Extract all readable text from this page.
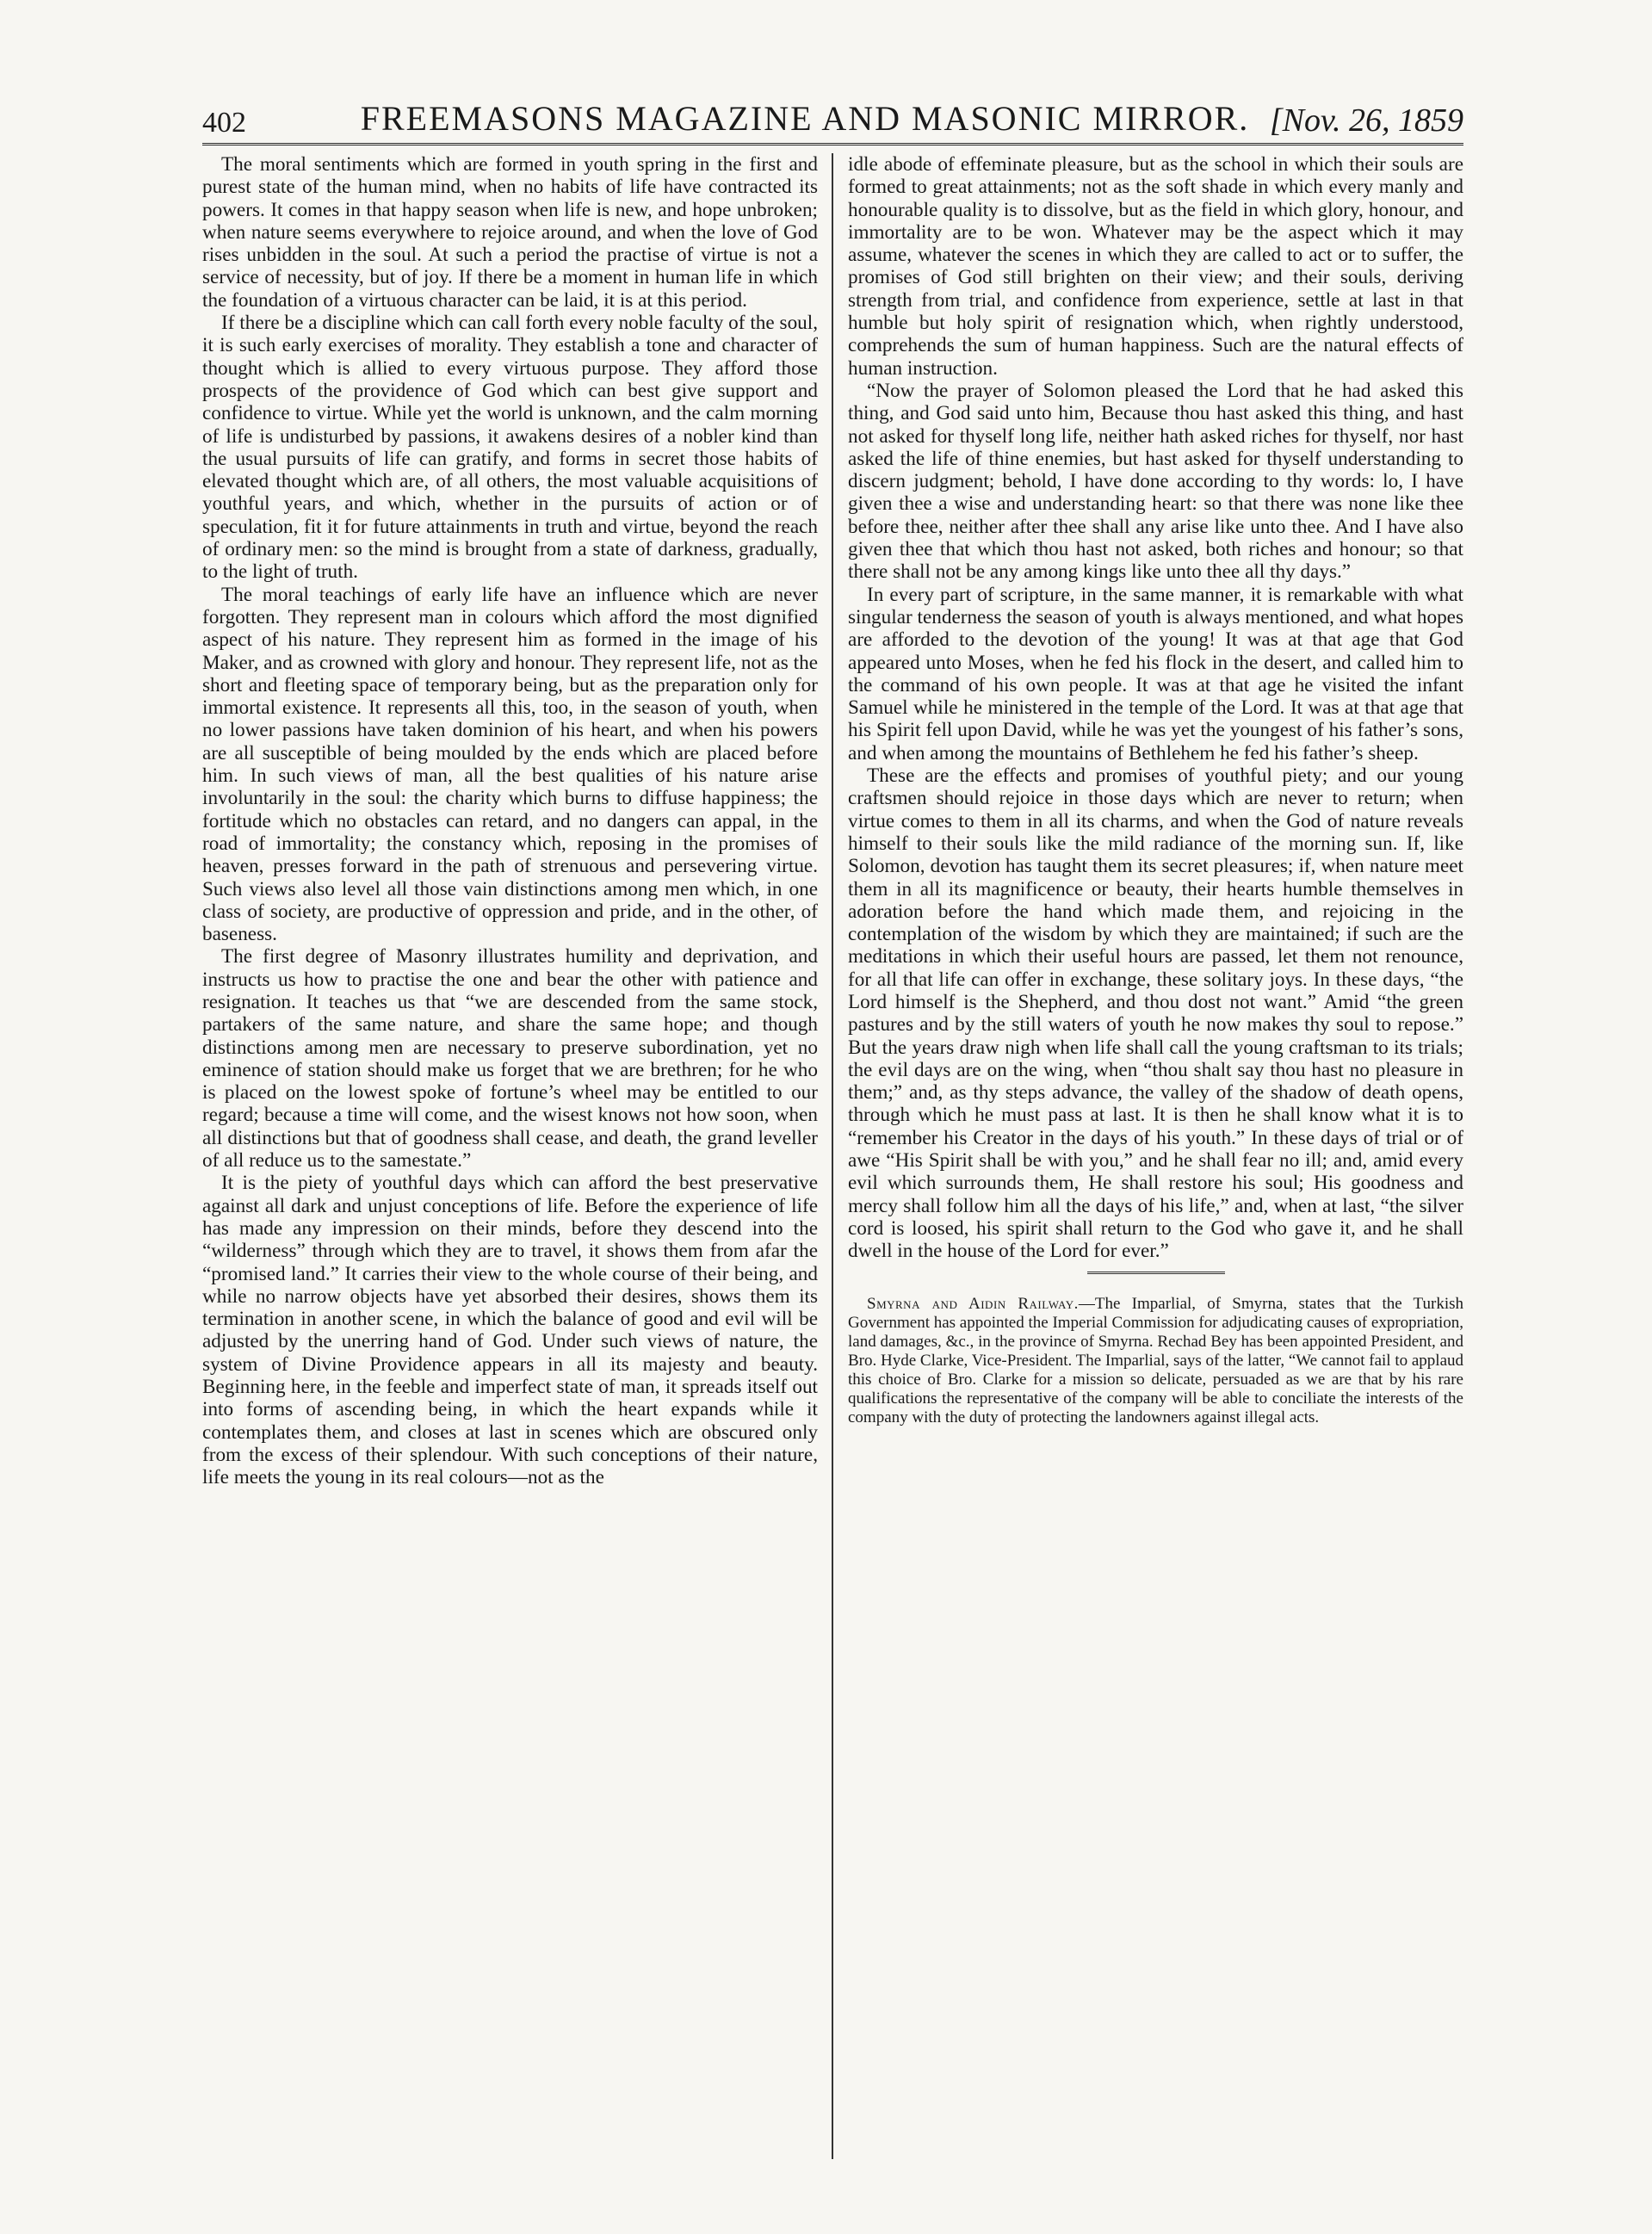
402	FREEMASONS MAGAZINE AND MASONIC MIRROR. [Nov. 26, 1859

The moral sentiments which are formed in youth spring in the first and purest state of the human mind, when no habits of life have contracted its powers. It comes in that happy season when life is new, and hope unbroken; when nature seems everywhere to rejoice around, and when the love of God rises unbidden in the soul. At such a period the practise of virtue is not a service of necessity, but of joy. If there be a moment in human life in which the foundation of a virtuous character can be laid, it is at this period.

If there be a discipline which can call forth every noble faculty of the soul, it is such early exercises of morality. They establish a tone and character of thought which is allied to every virtuous purpose. They afford those prospects of the providence of God which can best give support and confidence to virtue. While yet the world is unknown, and the calm morning of life is undisturbed by passions, it awakens desires of a nobler kind than the usual pursuits of life can gratify, and forms in secret those habits of elevated thought which are, of all others, the most valuable acquisitions of youthful years, and which, whether in the pursuits of action or of speculation, fit it for future attainments in truth and virtue, beyond the reach of ordinary men: so the mind is brought from a state of darkness, gradually, to the light of truth.

The moral teachings of early life have an influence which are never forgotten. They represent man in colours which afford the most dignified aspect of his nature. They represent him as formed in the image of his Maker, and as crowned with glory and honour. They represent life, not as the short and fleeting space of temporary being, but as the preparation only for immortal existence. It represents all this, too, in the season of youth, when no lower passions have taken dominion of his heart, and when his powers are all susceptible of being moulded by the ends which are placed before him. In such views of man, all the best qualities of his nature arise involuntarily in the soul: the charity which burns to diffuse happiness; the fortitude which no obstacles can retard, and no dangers can appal, in the road of immortality; the constancy which, reposing in the promises of heaven, presses forward in the path of strenuous and persevering virtue. Such views also level all those vain distinctions among men which, in one class of society, are productive of oppression and pride, and in the other, of baseness.

The first degree of Masonry illustrates humility and deprivation, and instructs us how to practise the one and bear the other with patience and resignation. It teaches us that “we are descended from the same stock, partakers of the same nature, and share the same hope; and though distinctions among men are necessary to preserve subordination, yet no eminence of station should make us forget that we are brethren; for he who is placed on the lowest spoke of fortune’s wheel may be entitled to our regard; because a time will come, and the wisest knows not how soon, when all distinctions but that of goodness shall cease, and death, the grand leveller of all reduce us to the samestate.”

It is the piety of youthful days which can afford the best preservative against all dark and unjust conceptions of life. Before the experience of life has made any impression on their minds, before they descend into the “wilderness” through which they are to travel, it shows them from afar the “promised land.” It carries their view to the whole course of their being, and while no narrow objects have yet absorbed their desires, shows them its termination in another scene, in which the balance of good and evil will be adjusted by the unerring hand of God. Under such views of nature, the system of Divine Providence appears in all its majesty and beauty. Beginning here, in the feeble and imperfect state of man, it spreads itself out into forms of ascending being, in which the heart expands while it contemplates them, and closes at last in scenes which are obscured only from the excess of their splendour. With such conceptions of their nature, life meets the young in its real colours—not as the

idle abode of effeminate pleasure, but as the school in which their souls are formed to great attainments; not as the soft shade in which every manly and honourable quality is to dissolve, but as the field in which glory, honour, and immortality are to be won. Whatever may be the aspect which it may assume, whatever the scenes in which they are called to act or to suffer, the promises of God still brighten on their view; and their souls, deriving strength from trial, and confidence from experience, settle at last in that humble but holy spirit of resignation which, when rightly understood, comprehends the sum of human happiness. Such are the natural effects of human instruction.

“Now the prayer of Solomon pleased the Lord that he had asked this thing, and God said unto him, Because thou hast asked this thing, and hast not asked for thyself long life, neither hath asked riches for thyself, nor hast asked the life of thine enemies, but hast asked for thyself understanding to discern judgment; behold, I have done according to thy words: lo, I have given thee a wise and understanding heart: so that there was none like thee before thee, neither after thee shall any arise like unto thee. And I have also given thee that which thou hast not asked, both riches and honour; so that there shall not be any among kings like unto thee all thy days.”

In every part of scripture, in the same manner, it is remarkable with what singular tenderness the season of youth is always mentioned, and what hopes are afforded to the devotion of the young! It was at that age that God appeared unto Moses, when he fed his flock in the desert, and called him to the command of his own people. It was at that age he visited the infant Samuel while he ministered in the temple of the Lord. It was at that age that his Spirit fell upon David, while he was yet the youngest of his father’s sons, and when among the mountains of Bethlehem he fed his father’s sheep.

These are the effects and promises of youthful piety; and our young craftsmen should rejoice in those days which are never to return; when virtue comes to them in all its charms, and when the God of nature reveals himself to their souls like the mild radiance of the morning sun. If, like Solomon, devotion has taught them its secret pleasures; if, when nature meet them in all its magnificence or beauty, their hearts humble themselves in adoration before the hand which made them, and rejoicing in the contemplation of the wisdom by which they are maintained; if such are the meditations in which their useful hours are passed, let them not renounce, for all that life can offer in exchange, these solitary joys. In these days, “the Lord himself is the Shepherd, and thou dost not want.” Amid “the green pastures and by the still waters of youth he now makes thy soul to repose.” But the years draw nigh when life shall call the young craftsman to its trials; the evil days are on the wing, when “thou shalt say thou hast no pleasure in them;” and, as thy steps advance, the valley of the shadow of death opens, through which he must pass at last. It is then he shall know what it is to “remember his Creator in the days of his youth.” In these days of trial or of awe “His Spirit shall be with you,” and he shall fear no ill; and, amid every evil which surrounds them, He shall restore his soul; His goodness and mercy shall follow him all the days of his life,” and, when at last, “the silver cord is loosed, his spirit shall return to the God who gave it, and he shall dwell in the house of the Lord for ever.”

Smyrna and Aidin Railway.—The Imparlial, of Smyrna, states that the Turkish Government has appointed the Imperial Commission for adjudicating causes of expropriation, land damages, &c., in the province of Smyrna. Rechad Bey has been appointed President, and Bro. Hyde Clarke, Vice-President. The Imparlial, says of the latter, “We cannot fail to applaud this choice of Bro. Clarke for a mission so delicate, persuaded as we are that by his rare qualifications the representative of the company will be able to conciliate the interests of the company with the duty of protecting the landowners against illegal acts.
